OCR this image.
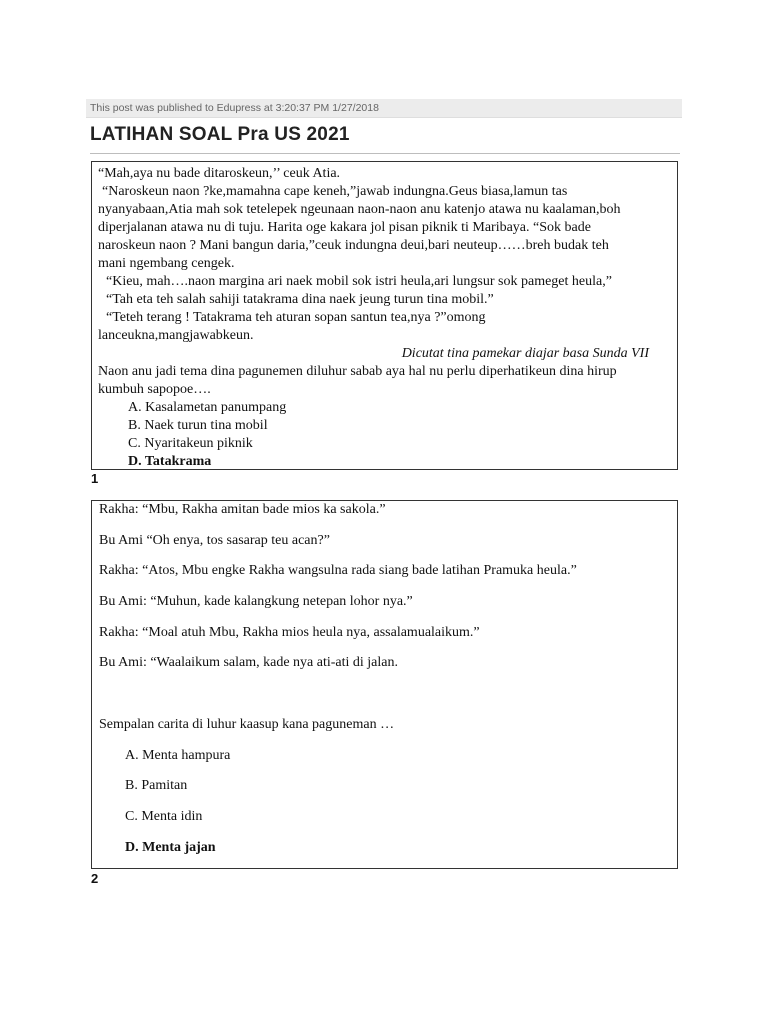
This post was published to Edupress at 3:20:37 PM 1/27/2018
LATIHAN SOAL Pra US 2021
“Mah,aya nu bade ditaroskeun,’’ ceuk Atia.
“Naroskeun naon ?ke,mamahna cape keneh,”jawab indungna.Geus biasa,lamun tas
nyanyabaan,Atia mah sok tetelepek ngeunaan naon-naon anu katenjo atawa nu kaalaman,boh
diperjalanan atawa nu di tuju. Harita oge kakara jol pisan piknik ti Maribaya. “Sok bade
naroskeun naon ? Mani bangun daria,”ceuk indungna deui,bari neuteup……breh budak teh
mani ngembang cengek.
“Kieu, mah….naon margina ari naek mobil sok istri heula,ari lungsur sok pameget heula,”
“Tah eta teh salah sahiji tatakrama dina naek jeung turun tina mobil.”
“Teteh terang ! Tatakrama teh aturan sopan santun tea,nya ?”omong
lanceukna,mangjawabkeun.
Dicutat tina pamekar diajar basa Sunda VII
Naon anu jadi tema dina pagunemen diluhur sabab aya hal nu perlu diperhatikeun dina hirup
kumbuh sapopoe….
A. Kasalametan panumpang
B. Naek turun tina mobil
C. Nyaritakeun piknik
D. Tatakrama
1
Rakha: “Mbu, Rakha amitan bade mios ka sakola.”
Bu Ami “Oh enya, tos sasarap teu acan?”
Rakha: “Atos, Mbu engke Rakha wangsulna rada siang bade latihan Pramuka heula.”
Bu Ami: “Muhun, kade kalangkung netepan lohor nya.”
Rakha: “Moal atuh Mbu, Rakha mios heula nya, assalamualaikum.”
Bu Ami: “Waalaikum salam, kade nya ati-ati di jalan.
Sempalan carita di luhur kaasup kana paguneman …
A. Menta hampura
B. Pamitan
C. Menta idin
D. Menta jajan
2
